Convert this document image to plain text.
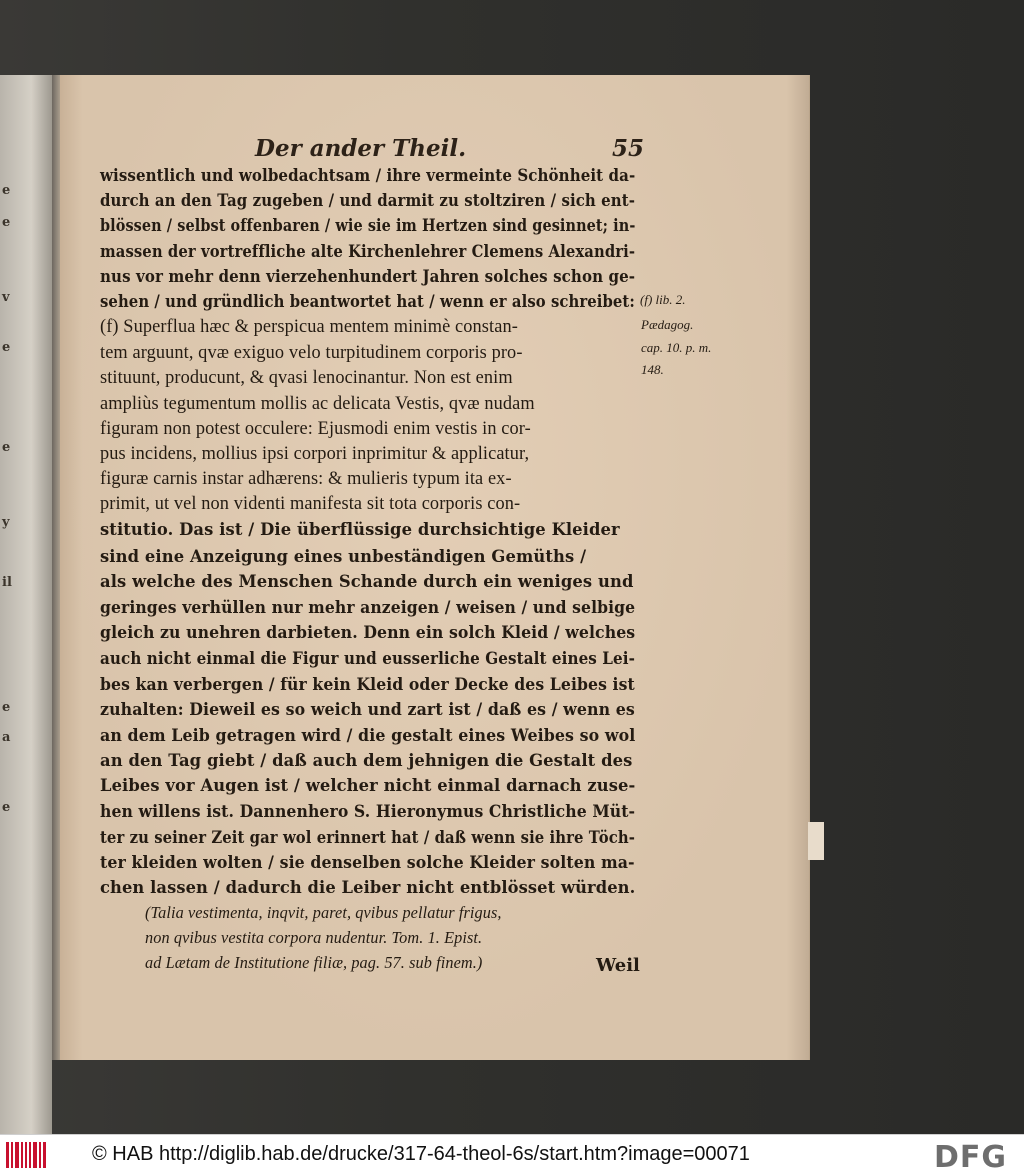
e
e
v
e
e
y
il
e
a
e
Der ander Theil.	55
wissentlich und wolbedachtsam / ihre vermeinte Schönheit da-
durch an den Tag zugeben / und darmit zu stoltziren / sich ent-
blössen / selbst offenbaren / wie sie im Hertzen sind gesinnet; in-
massen der vortreffliche alte Kirchenlehrer Clemens Alexandri-
nus vor mehr denn vierzehenhundert Jahren solches schon ge-
sehen / und gründlich beantwortet hat / wenn er also schreibet:
(f) Superflua hæc & perspicua mentem minimè constan-
tem arguunt, qvæ exiguo velo turpitudinem corporis pro-
stituunt, producunt, & qvasi lenocinantur. Non est enim
ampliùs tegumentum mollis ac delicata Vestis, qvæ nudam
figuram non potest occulere: Ejusmodi enim vestis in cor-
pus incidens, mollius ipsi corpori inprimitur & applicatur,
figuræ carnis instar adhærens: & mulieris typum ita ex-
primit, ut vel non videnti manifesta sit tota corporis con-
stitutio. Das ist / Die überflüssige durchsichtige Kleider
sind eine Anzeigung eines unbeständigen Gemüths /
als welche des Menschen Schande durch ein weniges und
geringes verhüllen nur mehr anzeigen / weisen / und selbige
gleich zu unehren darbieten. Denn ein solch Kleid / welches
auch nicht einmal die Figur und eusserliche Gestalt eines Lei-
bes kan verbergen / für kein Kleid oder Decke des Leibes ist
zuhalten: Dieweil es so weich und zart ist / daß es / wenn es
an dem Leib getragen wird / die gestalt eines Weibes so wol
an den Tag giebt / daß auch dem jehnigen die Gestalt des
Leibes vor Augen ist / welcher nicht einmal darnach zuse-
hen willens ist. Dannenhero S. Hieronymus Christliche Müt-
ter zu seiner Zeit gar wol erinnert hat / daß wenn sie ihre Töch-
ter kleiden wolten / sie denselben solche Kleider solten ma-
chen lassen / dadurch die Leiber nicht entblösset würden.
(Talia vestimenta, inqvit, paret, qvibus pellatur frigus,
non qvibus vestita corpora nudentur. Tom. 1. Epist.
ad Lætam de Institutione filiæ, pag. 57. sub finem.)
(f) lib. 2.
Pædagog.
cap. 10. p. m.
148.
Weil
© HAB http://diglib.hab.de/drucke/317-64-theol-6s/start.htm?image=00071	DFG
